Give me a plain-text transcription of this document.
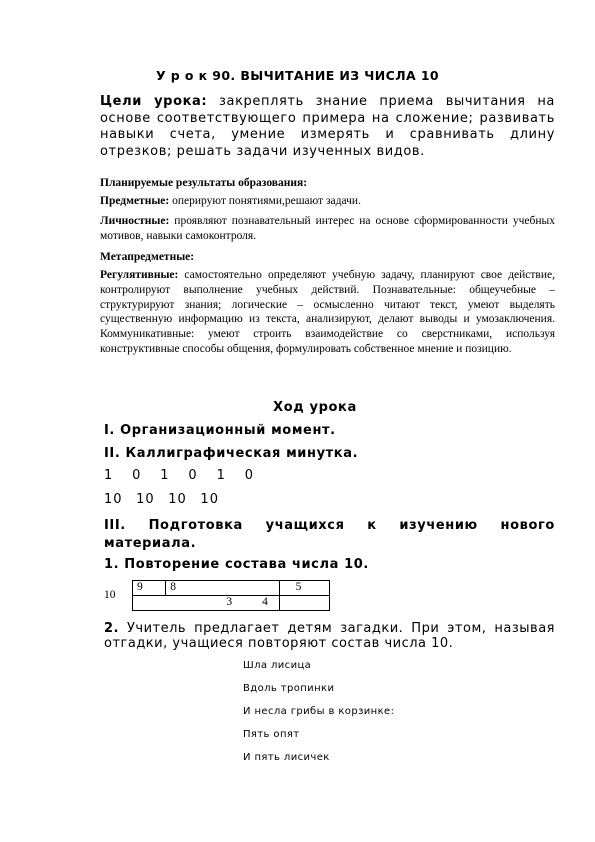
У р о к 90. ВЫЧИТАНИЕ ИЗ ЧИСЛА 10
Цели урока: закреплять знание приема вычитания на основе соответствующего примера на сложение; развивать навыки счета, умение измерять и сравнивать длину отрезков; решать задачи изученных видов.
Планируемые результаты образования:
Предметные: оперируют понятиями,решают задачи.
Личностные: проявляют познавательный интерес на основе сформированности учебных мотивов, навыки самоконтроля.
Метапредметные:
Регулятивные: самостоятельно определяют учебную задачу, планируют свое действие, контролируют выполнение учебных действий. Познавательные: общеучебные – структурируют знания; логические – осмысленно читают текст, умеют выделять существенную информацию из текста, анализируют, делают выводы и умозаключения. Коммуникативные: умеют строить взаимодействие со сверстниками, используя конструктивные способы общения, формулировать собственное мнение и позицию.
Ход урока
I. Организационный момент.
II. Каллиграфическая минутка.
1 0 1 0 1 0
10 10 10 10
III. Подготовка учащихся к изучению нового
материала.
1. Повторение состава числа 10.
10
9	8		5
		3 4	
2. Учитель предлагает детям загадки. При этом, называя
отгадки, учащиеся повторяют состав числа 10.
Шла лисица
Вдоль тропинки
И несла грибы в корзинке:
Пять опят
И пять лисичек
